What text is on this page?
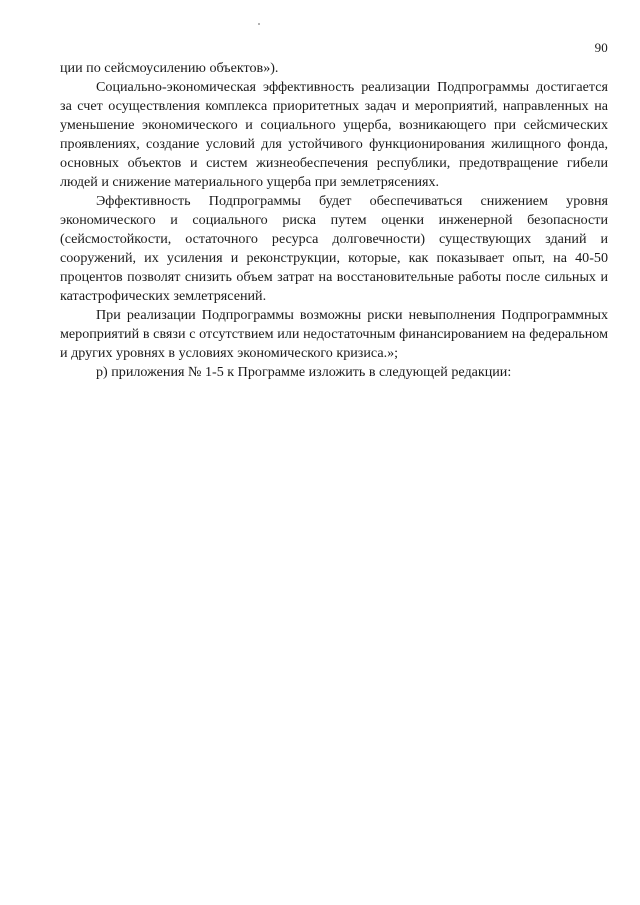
90

ции по сейсмоусилению объектов»).

Социально-экономическая эффективность реализации Подпрограммы достигается за счет осуществления комплекса приоритетных задач и мероприятий, направленных на уменьшение экономического и социального ущерба, возникающего при сейсмических проявлениях, создание условий для устойчивого функционирования жилищного фонда, основных объектов и систем жизнеобеспечения республики, предотвращение гибели людей и снижение материального ущерба при землетрясениях.

Эффективность Подпрограммы будет обеспечиваться снижением уровня экономического и социального риска путем оценки инженерной безопасности (сейсмостойкости, остаточного ресурса долговечности) существующих зданий и сооружений, их усиления и реконструкции, которые, как показывает опыт, на 40-50 процентов позволят снизить объем затрат на восстановительные работы после сильных и катастрофических землетрясений.

При реализации Подпрограммы возможны риски невыполнения Подпрограммных мероприятий в связи с отсутствием или недостаточным финансированием на федеральном и других уровнях в условиях экономического кризиса.»;

р) приложения № 1-5 к Программе изложить в следующей редакции:
